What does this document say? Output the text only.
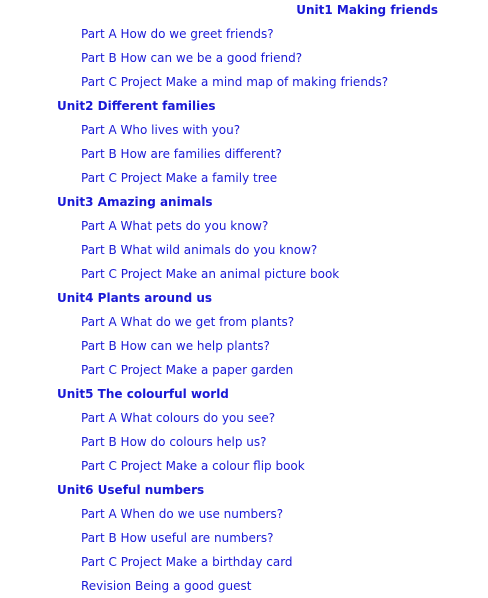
Unit1 Making friends
Part A How do we greet friends?
Part B How can we be a good friend?
Part C Project Make a mind map of making friends?
Unit2 Different families
Part A Who lives with you?
Part B How are families different?
Part C Project Make a family tree
Unit3 Amazing animals
Part A What pets do you know?
Part B What wild animals do you know?
Part C Project Make an animal picture book
Unit4 Plants around us
Part A What do we get from plants?
Part B How can we help plants?
Part C Project Make a paper garden
Unit5 The colourful world
Part A What colours do you see?
Part B How do colours help us?
Part C Project Make a colour flip book
Unit6 Useful numbers
Part A When do we use numbers?
Part B How useful are numbers?
Part C Project Make a birthday card
Revision Being a good guest
